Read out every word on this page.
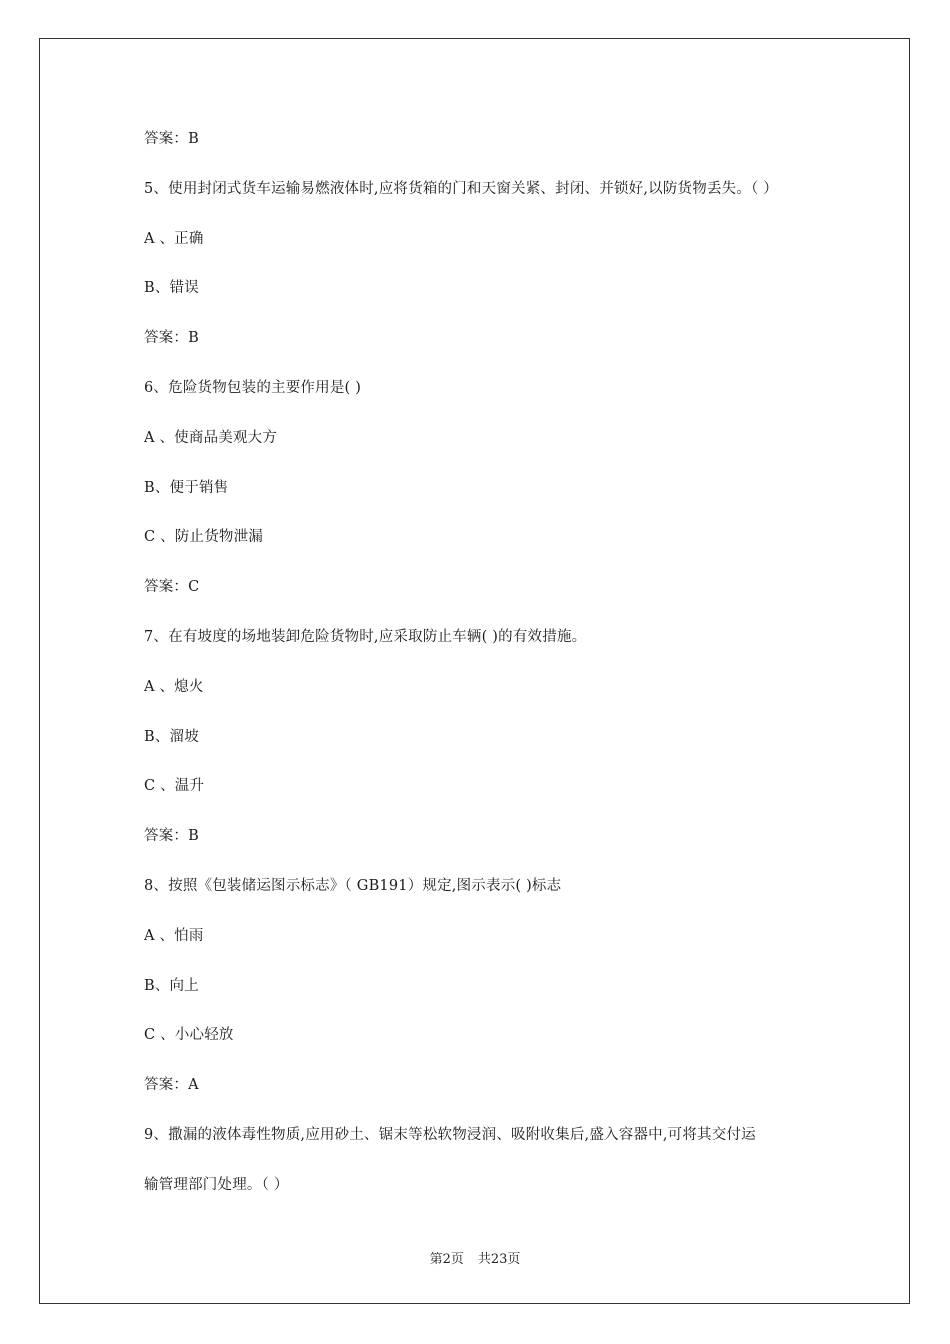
答案：B
5、使用封闭式货车运输易燃液体时,应将货箱的门和天窗关紧、封闭、并锁好,以防货物丢失。（ ）
A 、正确
B、错误
答案：B
6、危险货物包装的主要作用是( )
A 、使商品美观大方
B、便于销售
C 、防止货物泄漏
答案：C
7、在有坡度的场地装卸危险货物时,应采取防止车辆( )的有效措施。
A 、熄火
B、溜坡
C 、温升
答案：B
8、按照《包装储运图示标志》（ GB191）规定,图示表示( )标志
A 、怕雨
B、向上
C 、小心轻放
答案：A
9、撒漏的液体毒性物质,应用砂土、锯末等松软物浸润、吸附收集后,盛入容器中,可将其交付运
输管理部门处理。（ ）
第2页 共23页
